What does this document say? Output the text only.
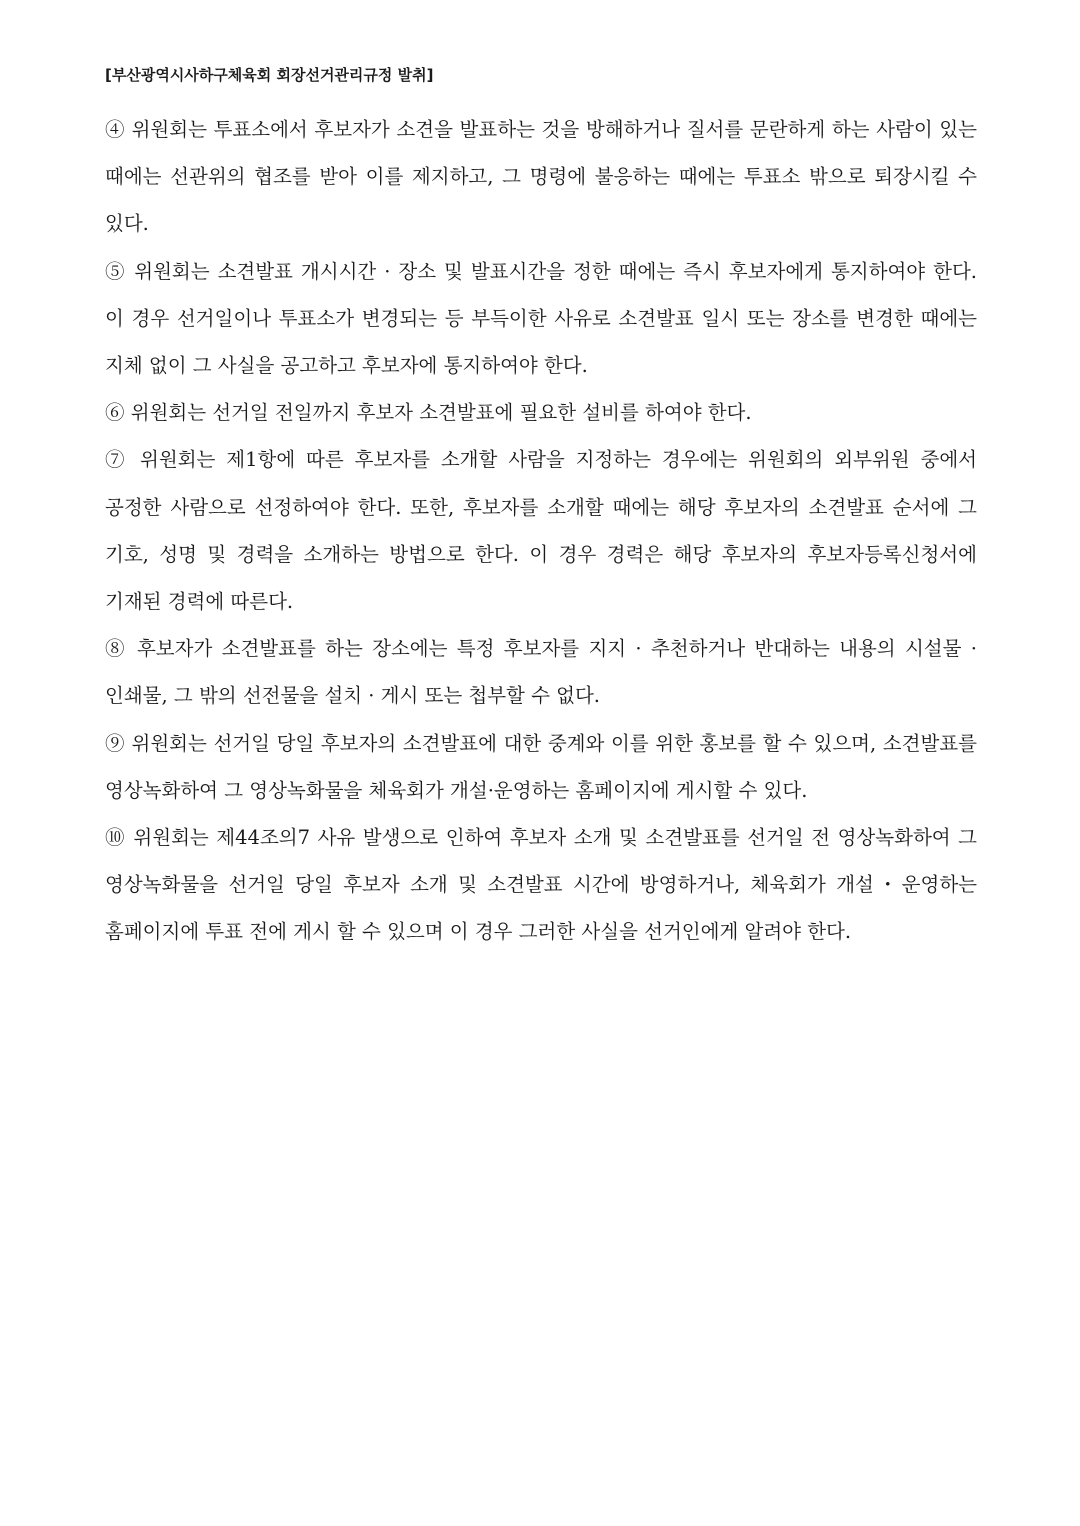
[부산광역시사하구체육회 회장선거관리규정 발취]

④ 위원회는 투표소에서 후보자가 소견을 발표하는 것을 방해하거나 질서를 문란하게 하는 사람이 있는 때에는 선관위의 협조를 받아 이를 제지하고, 그 명령에 불응하는 때에는 투표소 밖으로 퇴장시킬 수 있다.

⑤ 위원회는 소견발표 개시시간 · 장소 및 발표시간을 정한 때에는 즉시 후보자에게 통지하여야 한다. 이 경우 선거일이나 투표소가 변경되는 등 부득이한 사유로 소견발표 일시 또는 장소를 변경한 때에는 지체 없이 그 사실을 공고하고 후보자에 통지하여야 한다.

⑥ 위원회는 선거일 전일까지 후보자 소견발표에 필요한 설비를 하여야 한다.

⑦ 위원회는 제1항에 따른 후보자를 소개할 사람을 지정하는 경우에는 위원회의 외부위원 중에서 공정한 사람으로 선정하여야 한다. 또한, 후보자를 소개할 때에는 해당 후보자의 소견발표 순서에 그 기호, 성명 및 경력을 소개하는 방법으로 한다. 이 경우 경력은 해당 후보자의 후보자등록신청서에 기재된 경력에 따른다.

⑧ 후보자가 소견발표를 하는 장소에는 특정 후보자를 지지 · 추천하거나 반대하는 내용의 시설물 · 인쇄물, 그 밖의 선전물을 설치 · 게시 또는 첩부할 수 없다.

⑨ 위원회는 선거일 당일 후보자의 소견발표에 대한 중계와 이를 위한 홍보를 할 수 있으며, 소견발표를 영상녹화하여 그 영상녹화물을 체육회가 개설·운영하는 홈페이지에 게시할 수 있다.

⑩ 위원회는 제44조의7 사유 발생으로 인하여 후보자 소개 및 소견발표를 선거일 전 영상녹화하여 그 영상녹화물을 선거일 당일 후보자 소개 및 소견발표 시간에 방영하거나, 체육회가 개설・운영하는 홈페이지에 투표 전에 게시 할 수 있으며 이 경우 그러한 사실을 선거인에게 알려야 한다.
